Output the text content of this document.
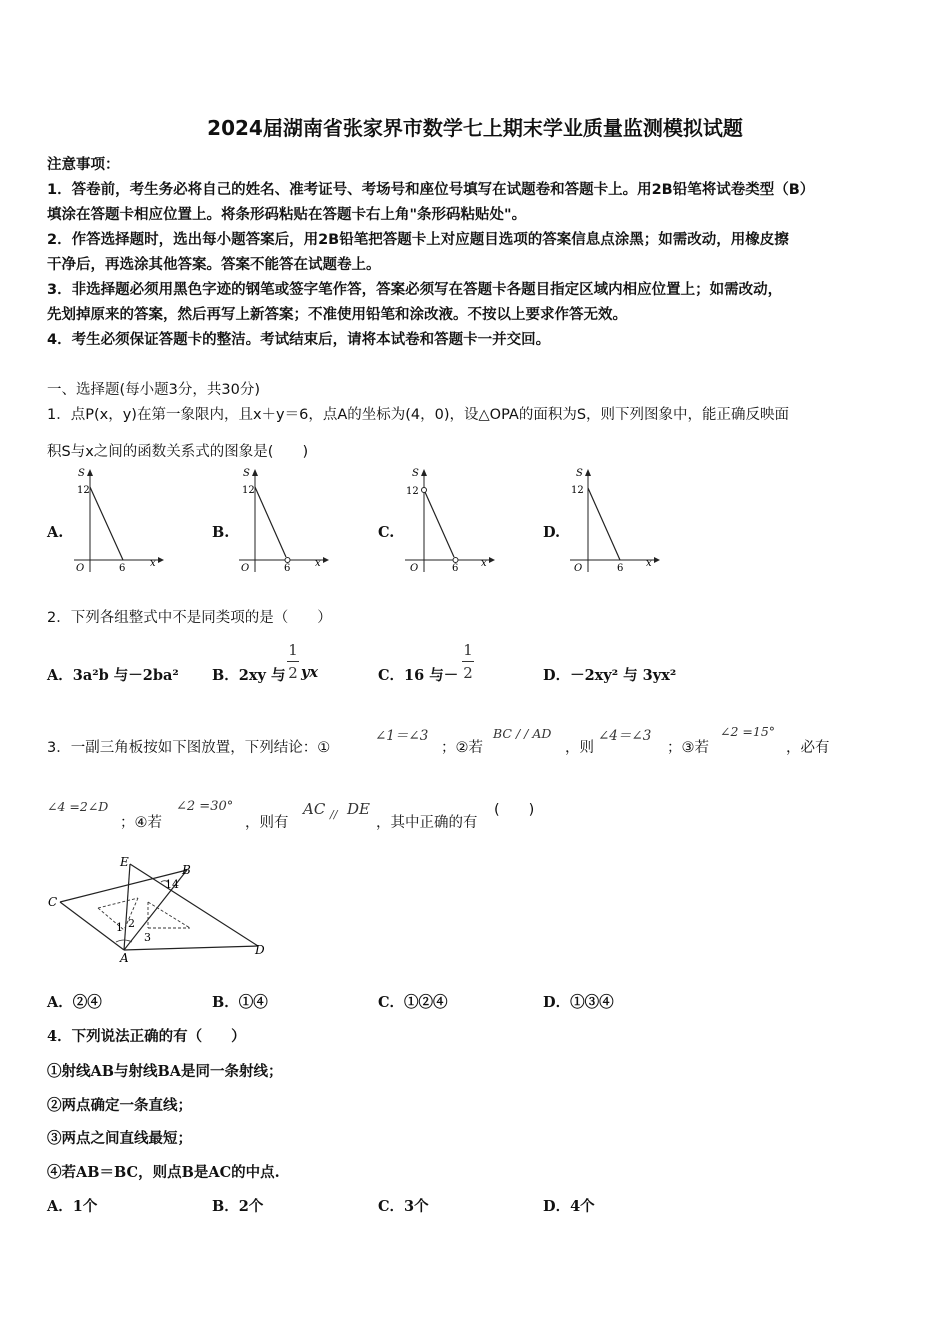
2024届湖南省张家界市数学七上期末学业质量监测模拟试题
注意事项：
1．答卷前，考生务必将自己的姓名、准考证号、考场号和座位号填写在试题卷和答题卡上。用2B铅笔将试卷类型（B）
填涂在答题卡相应位置上。将条形码粘贴在答题卡右上角"条形码粘贴处"。
2．作答选择题时，选出每小题答案后，用2B铅笔把答题卡上对应题目选项的答案信息点涂黑；如需改动，用橡皮擦
干净后，再选涂其他答案。答案不能答在试题卷上。
3．非选择题必须用黑色字迹的钢笔或签字笔作答，答案必须写在答题卡各题目指定区域内相应位置上；如需改动，
先划掉原来的答案，然后再写上新答案；不准使用铅笔和涂改液。不按以上要求作答无效。
4．考生必须保证答题卡的整洁。考试结束后，请将本试卷和答题卡一并交回。
一、选择题(每小题3分，共30分)
1．点P(x，y)在第一象限内，且x＋y＝6，点A的坐标为(4，0)，设△OPA的面积为S，则下列图象中，能正确反映面
积S与x之间的函数关系式的图象是(　　)
A.	B.	C.	D.
S
12
O	6 x
S
12
O	6 x
S
12
O	6 x
S
12
O	6 x
2．下列各组整式中不是同类项的是（　　）
A．3a²b 与－2ba² B．2xy 与
1
2 yx	C．16 与－
1
2	D．－2xy² 与 3yx²
3．一副三角板按如下图放置，下列结论：①
∠1＝∠3
；②若
BC / / AD
，则
∠4＝∠3
；③若
∠2 =15°
，必有
∠4 =2∠D
；④若
∠2 =30°
，则有
AC // DE
，其中正确的有
(　　)
E
B
C
A
D
1 2
3
1 4
A．②④	B．①④	C．①②④	D．①③④
4．下列说法正确的有（　　）
①射线AB与射线BA是同一条射线；
②两点确定一条直线；
③两点之间直线最短；
④若AB＝BC，则点B是AC的中点.
A．1个	B．2个	C．3个	D．4个
